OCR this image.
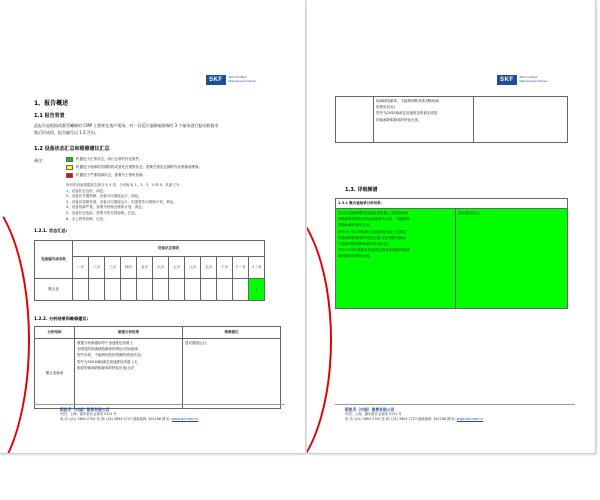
SKF	SKF Certified
Maintenance Partner
1、报告概述
1.1 报告背景
此报告是根据成都雪曦峰的 CMP 工程师在客户现场，对一台反应釜解轴器端的 3 个轴承进行振动数据采
集后形成的，报告编号以 1 2 月份。
1.2 设备状态汇总和维修建议汇总
备注:	机器处于正常状态，执行正常的作业维护。
机器处于故障的初期阶段或者处在观察状态，需要在预应定期的作业维修前维修。
机器处于严重故障状态，需要马上停机检修。
所有的设备根据状态被分为 5 类，分别标有 1、2、3、4 和 5，其意义为：
1、设备状态良好，绿色。
2、设备有早期故障，设备可以继续运行，绿色。
3、设备有故障发展，设备可以继续运行，但需要作出维修计划，黄色。
4、设备故障严重，需要尽快做出维修计划，黄色。
5、设备状态危险，需要尽快安排检修，红色。
6、无上停机检修，红色。
1.2.1. 状态汇总:
设备编号或名称	设备状态等级											
	一月	二月	三月	四月	五月	六月	七月	八月	九月	十月	十一月	十二月
聚合釜												1
1.2.2. 分析结果和维修建议:
分析结构	频谱分析结果	维修建议
聚合釜轴承	数据分析频谱和每个加速度包络谱上
无明显的轴承缺陷频率的特征出现(轴承
型号未知，不能辨别其的判断的使用状况)
型号为5521N轴承在加速度包络谱上无
明显的轴承缺陷频率的特征出现(无法	建议继续运行。
斯凯孚（中国）销售有限公司
中国，上海，浦东新区金皇路 5311 号
电 话: (21) 5894 2720 传 真: (21) 5894 2727 邮政编码: 201206 网 址: www.skf.com.cn
SKF	SKF Certified
Maintenance Partner

轴承缺陷频率，不能辨判断具体判断轴承
的使用状况)
型号为2052轴承在加速度包络谱无明显
的轴承缺陷频率的特征出现。

1.3. 详细频谱
1.3.1 聚合釜轴承分析结果：

表过在轮频频谱和加速度包络谱上无明显轴承
缺陷频率的特征出现(轴承型号未知，不能辨别
判断轴承的使用状况)
型号为 5521N轴承在加速度包络谱上无明显
的轴承缺陷频率的特征出现(无法判断该轴承
不能辨辨的判断轴承的使用状况)。
型号为2052轴承在加速度包络谱无明显的轴承
缺陷频率的特征出现。
	建议继续运行。
斯凯孚（中国）销售有限公司
中国，上海，浦东新区金皇路 5311 号
电 话: (21) 5894 2720 传 真: (21) 5894 2727 邮政编码: 201206 网 址: www.skf.com.cn
